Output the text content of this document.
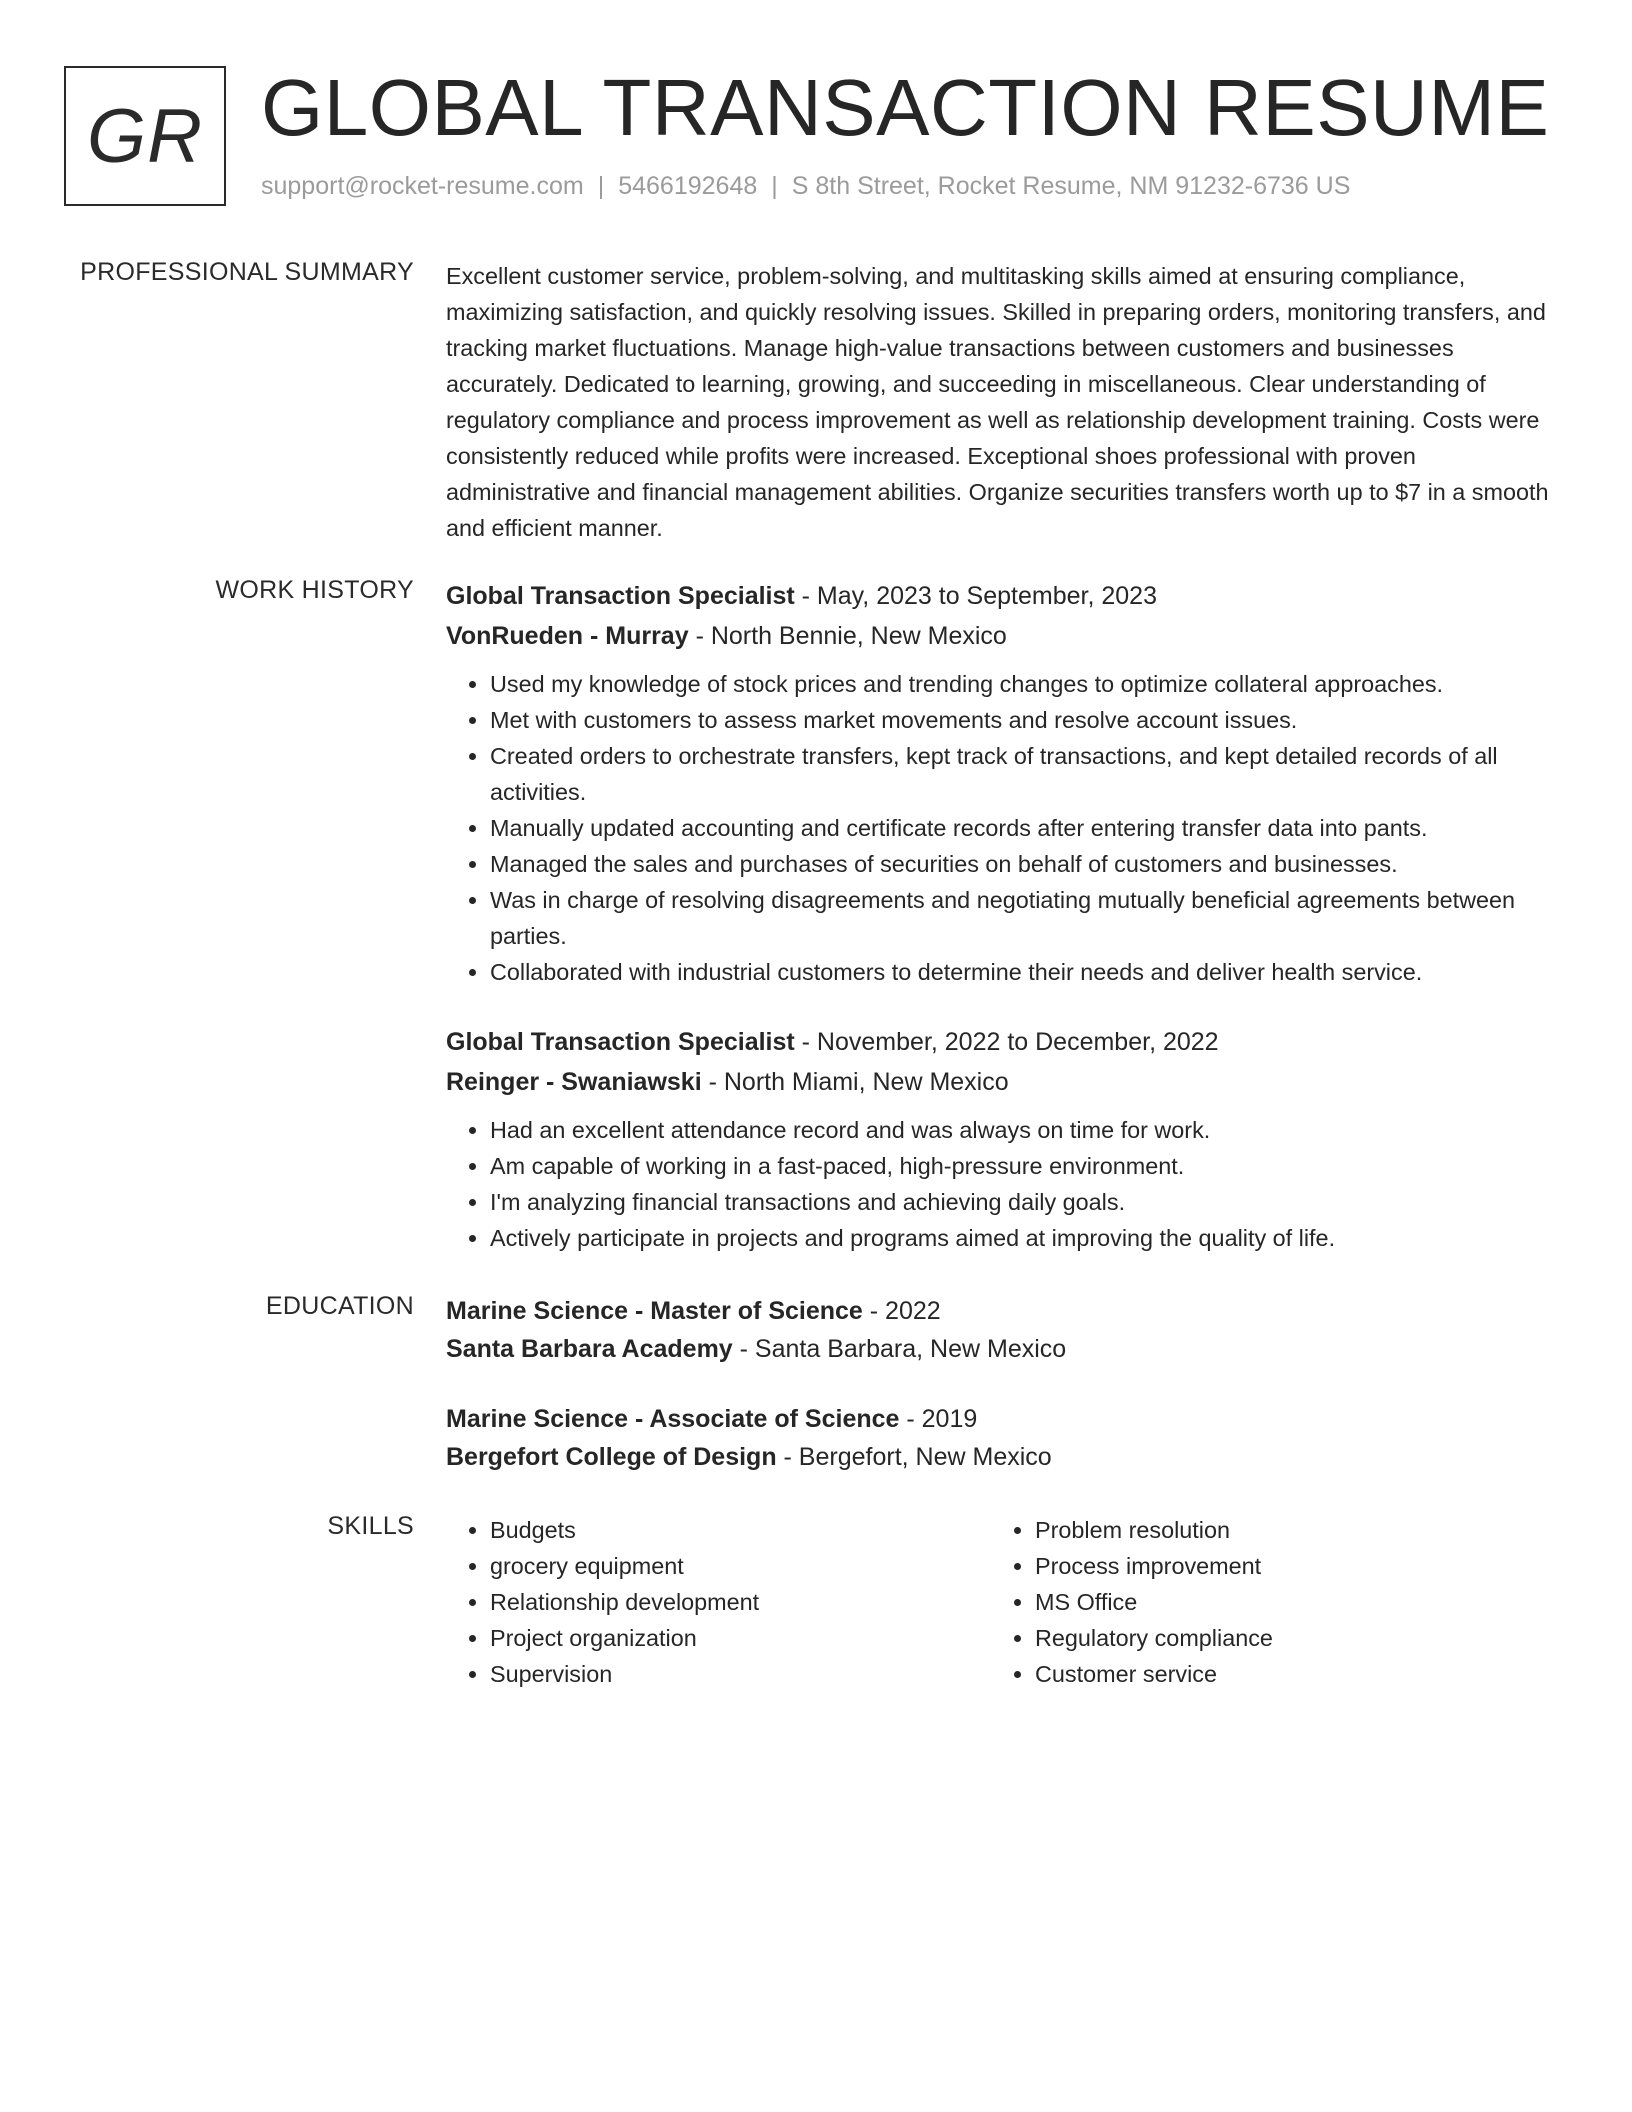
GR GLOBAL TRANSACTION RESUME
support@rocket-resume.com | 5466192648 | S 8th Street, Rocket Resume, NM 91232-6736 US
PROFESSIONAL SUMMARY Excellent customer service, problem-solving, and multitasking skills aimed at ensuring compliance, maximizing satisfaction, and quickly resolving issues. Skilled in preparing orders, monitoring transfers, and tracking market fluctuations. Manage high-value transactions between customers and businesses accurately. Dedicated to learning, growing, and succeeding in miscellaneous. Clear understanding of regulatory compliance and process improvement as well as relationship development training. Costs were consistently reduced while profits were increased. Exceptional shoes professional with proven administrative and financial management abilities. Organize securities transfers worth up to $7 in a smooth and efficient manner.

WORK HISTORY Global Transaction Specialist - May, 2023 to September, 2023
VonRueden - Murray - North Bennie, New Mexico
• Used my knowledge of stock prices and trending changes to optimize collateral approaches.
• Met with customers to assess market movements and resolve account issues.
• Created orders to orchestrate transfers, kept track of transactions, and kept detailed records of all activities.
• Manually updated accounting and certificate records after entering transfer data into pants.
• Managed the sales and purchases of securities on behalf of customers and businesses.
• Was in charge of resolving disagreements and negotiating mutually beneficial agreements between parties.
• Collaborated with industrial customers to determine their needs and deliver health service.
Global Transaction Specialist - November, 2022 to December, 2022
Reinger - Swaniawski - North Miami, New Mexico
• Had an excellent attendance record and was always on time for work.
• Am capable of working in a fast-paced, high-pressure environment.
• I'm analyzing financial transactions and achieving daily goals.
• Actively participate in projects and programs aimed at improving the quality of life.
EDUCATION Marine Science - Master of Science - 2022
Santa Barbara Academy - Santa Barbara, New Mexico
Marine Science - Associate of Science - 2019
Bergefort College of Design - Bergefort, New Mexico
SKILLS
•	Budgets
• grocery equipment
• Relationship development
• Project organization
• Supervision
• Problem resolution
• Process improvement
• MS Office
• Regulatory compliance
• Customer service
